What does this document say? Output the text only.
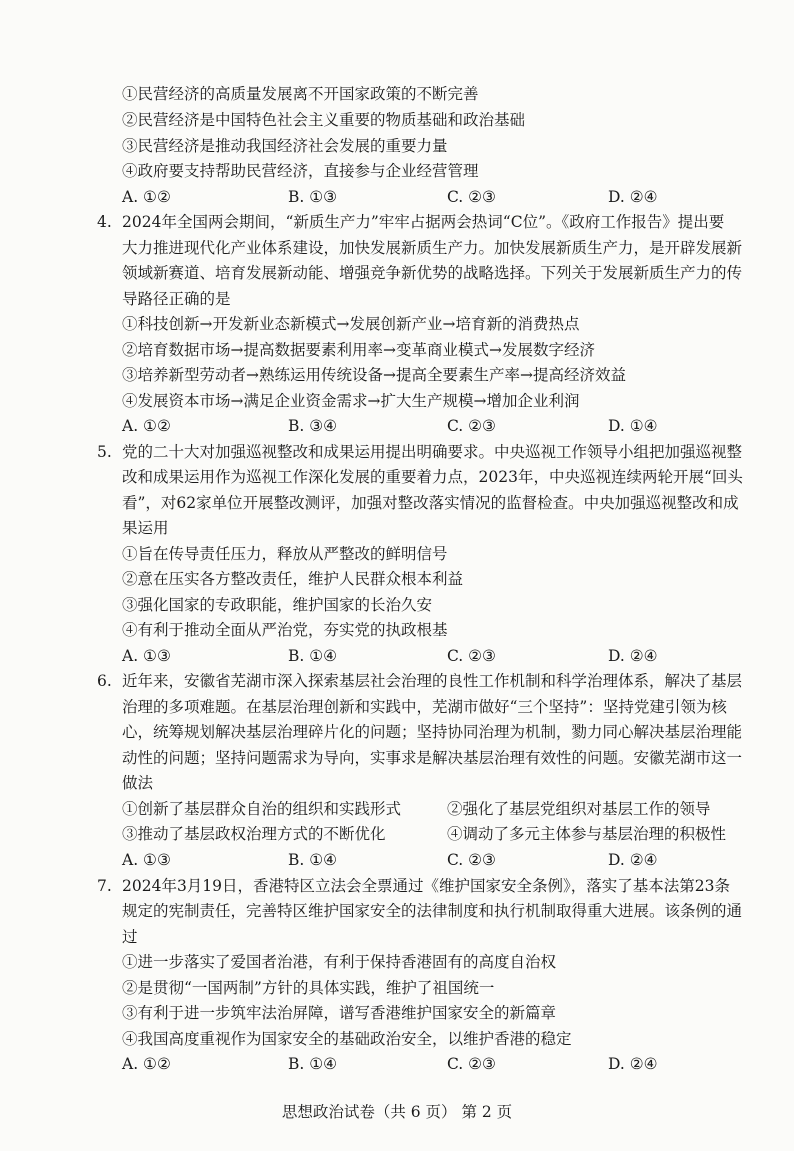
①民营经济的高质量发展离不开国家政策的不断完善
②民营经济是中国特色社会主义重要的物质基础和政治基础
③民营经济是推动我国经济社会发展的重要力量
④政府要支持帮助民营经济，直接参与企业经营管理
A. ①②	B. ①③	C. ②③	D. ②④
4. 2024年全国两会期间，“新质生产力”牢牢占据两会热词“C位”。《政府工作报告》提出要
大力推进现代化产业体系建设，加快发展新质生产力。加快发展新质生产力，是开辟发展新
领域新赛道、培育发展新动能、增强竞争新优势的战略选择。下列关于发展新质生产力的传
导路径正确的是
①科技创新→开发新业态新模式→发展创新产业→培育新的消费热点
②培育数据市场→提高数据要素利用率→变革商业模式→发展数字经济
③培养新型劳动者→熟练运用传统设备→提高全要素生产率→提高经济效益
④发展资本市场→满足企业资金需求→扩大生产规模→增加企业利润
A. ①②	B. ③④	C. ②③	D. ①④
5. 党的二十大对加强巡视整改和成果运用提出明确要求。中央巡视工作领导小组把加强巡视整
改和成果运用作为巡视工作深化发展的重要着力点，2023年，中央巡视连续两轮开展“回头
看”，对62家单位开展整改测评，加强对整改落实情况的监督检查。中央加强巡视整改和成
果运用
①旨在传导责任压力，释放从严整改的鲜明信号
②意在压实各方整改责任，维护人民群众根本利益
③强化国家的专政职能，维护国家的长治久安
④有利于推动全面从严治党，夯实党的执政根基
A. ①③	B. ①④	C. ②③	D. ②④
6. 近年来，安徽省芜湖市深入探索基层社会治理的良性工作机制和科学治理体系，解决了基层
治理的多项难题。在基层治理创新和实践中，芜湖市做好“三个坚持”：坚持党建引领为核
心，统筹规划解决基层治理碎片化的问题；坚持协同治理为机制，勠力同心解决基层治理能
动性的问题；坚持问题需求为导向，实事求是解决基层治理有效性的问题。安徽芜湖市这一
做法
①创新了基层群众自治的组织和实践形式	②强化了基层党组织对基层工作的领导
③推动了基层政权治理方式的不断优化	④调动了多元主体参与基层治理的积极性
A. ①③	B. ①④	C. ②③	D. ②④
7. 2024年3月19日，香港特区立法会全票通过《维护国家安全条例》，落实了基本法第23条
规定的宪制责任，完善特区维护国家安全的法律制度和执行机制取得重大进展。该条例的通
过
①进一步落实了爱国者治港，有利于保持香港固有的高度自治权
②是贯彻“一国两制”方针的具体实践，维护了祖国统一
③有利于进一步筑牢法治屏障，谱写香港维护国家安全的新篇章
④我国高度重视作为国家安全的基础政治安全，以维护香港的稳定
A. ①②	B. ①④	C. ②③	D. ②④
思想政治试卷（共 6 页） 第 2 页
